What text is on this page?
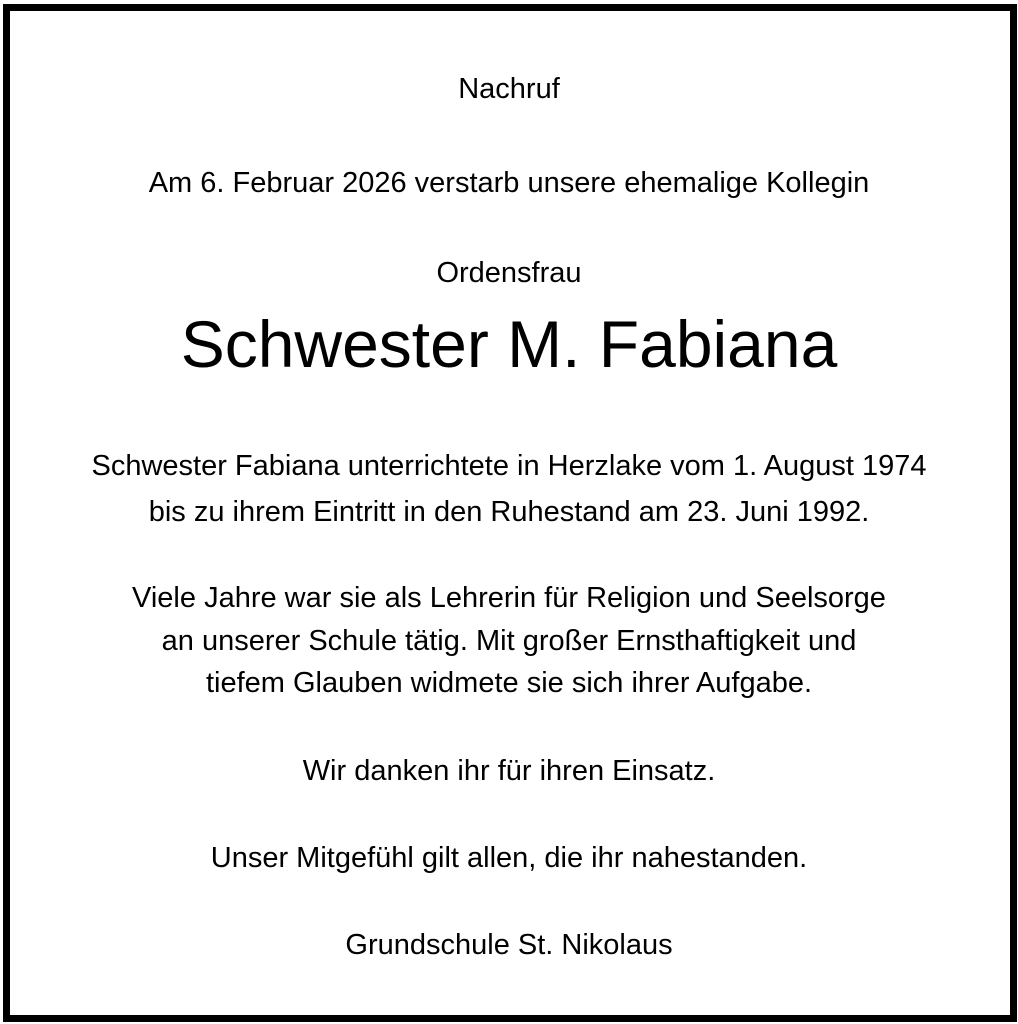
Nachruf
Am 6. Februar 2026 verstarb unsere ehemalige Kollegin
Ordensfrau
Schwester M. Fabiana
Schwester Fabiana unterrichtete in Herzlake vom 1. August 1974
bis zu ihrem Eintritt in den Ruhestand am 23. Juni 1992.
Viele Jahre war sie als Lehrerin für Religion und Seelsorge
an unserer Schule tätig. Mit großer Ernsthaftigkeit und
tiefem Glauben widmete sie sich ihrer Aufgabe.
Wir danken ihr für ihren Einsatz.
Unser Mitgefühl gilt allen, die ihr nahestanden.
Grundschule St. Nikolaus
